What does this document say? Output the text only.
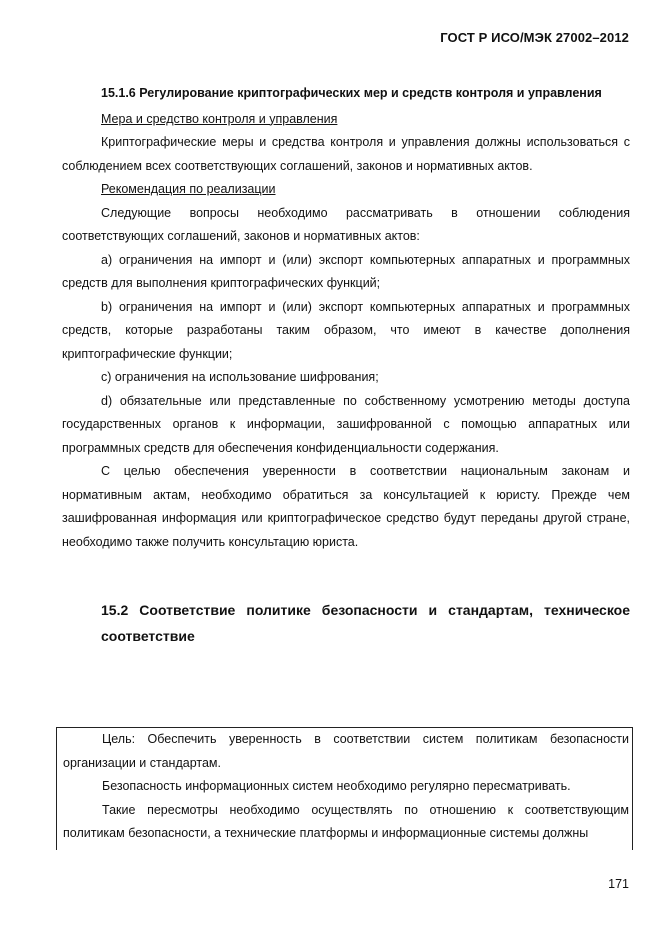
ГОСТ Р ИСО/МЭК 27002–2012

15.1.6 Регулирование криптографических мер и средств контроля и управления

Мера и средство контроля и управления

Криптографические меры и средства контроля и управления должны использоваться с соблюдением всех соответствующих соглашений, законов и нормативных актов.

Рекомендация по реализации

Следующие вопросы необходимо рассматривать в отношении соблюдения соответствующих соглашений, законов и нормативных актов:

a) ограничения на импорт и (или) экспорт компьютерных аппаратных и программных средств для выполнения криптографических функций;

b) ограничения на импорт и (или) экспорт компьютерных аппаратных и программных средств, которые разработаны таким образом, что имеют в качестве дополнения криптографические функции;

c) ограничения на использование шифрования;

d) обязательные или представленные по собственному усмотрению методы доступа государственных органов к информации, зашифрованной с помощью аппаратных или программных средств для обеспечения конфиденциальности содержания.

С целью обеспечения уверенности в соответствии национальным законам и нормативным актам, необходимо обратиться за консультацией к юристу. Прежде чем зашифрованная информация или криптографическое средство будут переданы другой стране, необходимо также получить консультацию юриста.

15.2 Соответствие политике безопасности и стандартам, техническое соответствие

Цель: Обеспечить уверенность в соответствии систем политикам безопасности организации и стандартам.

Безопасность информационных систем необходимо регулярно пересматривать.

Такие пересмотры необходимо осуществлять по отношению к соответствующим политикам безопасности, а технические платформы и информационные системы должны

171
